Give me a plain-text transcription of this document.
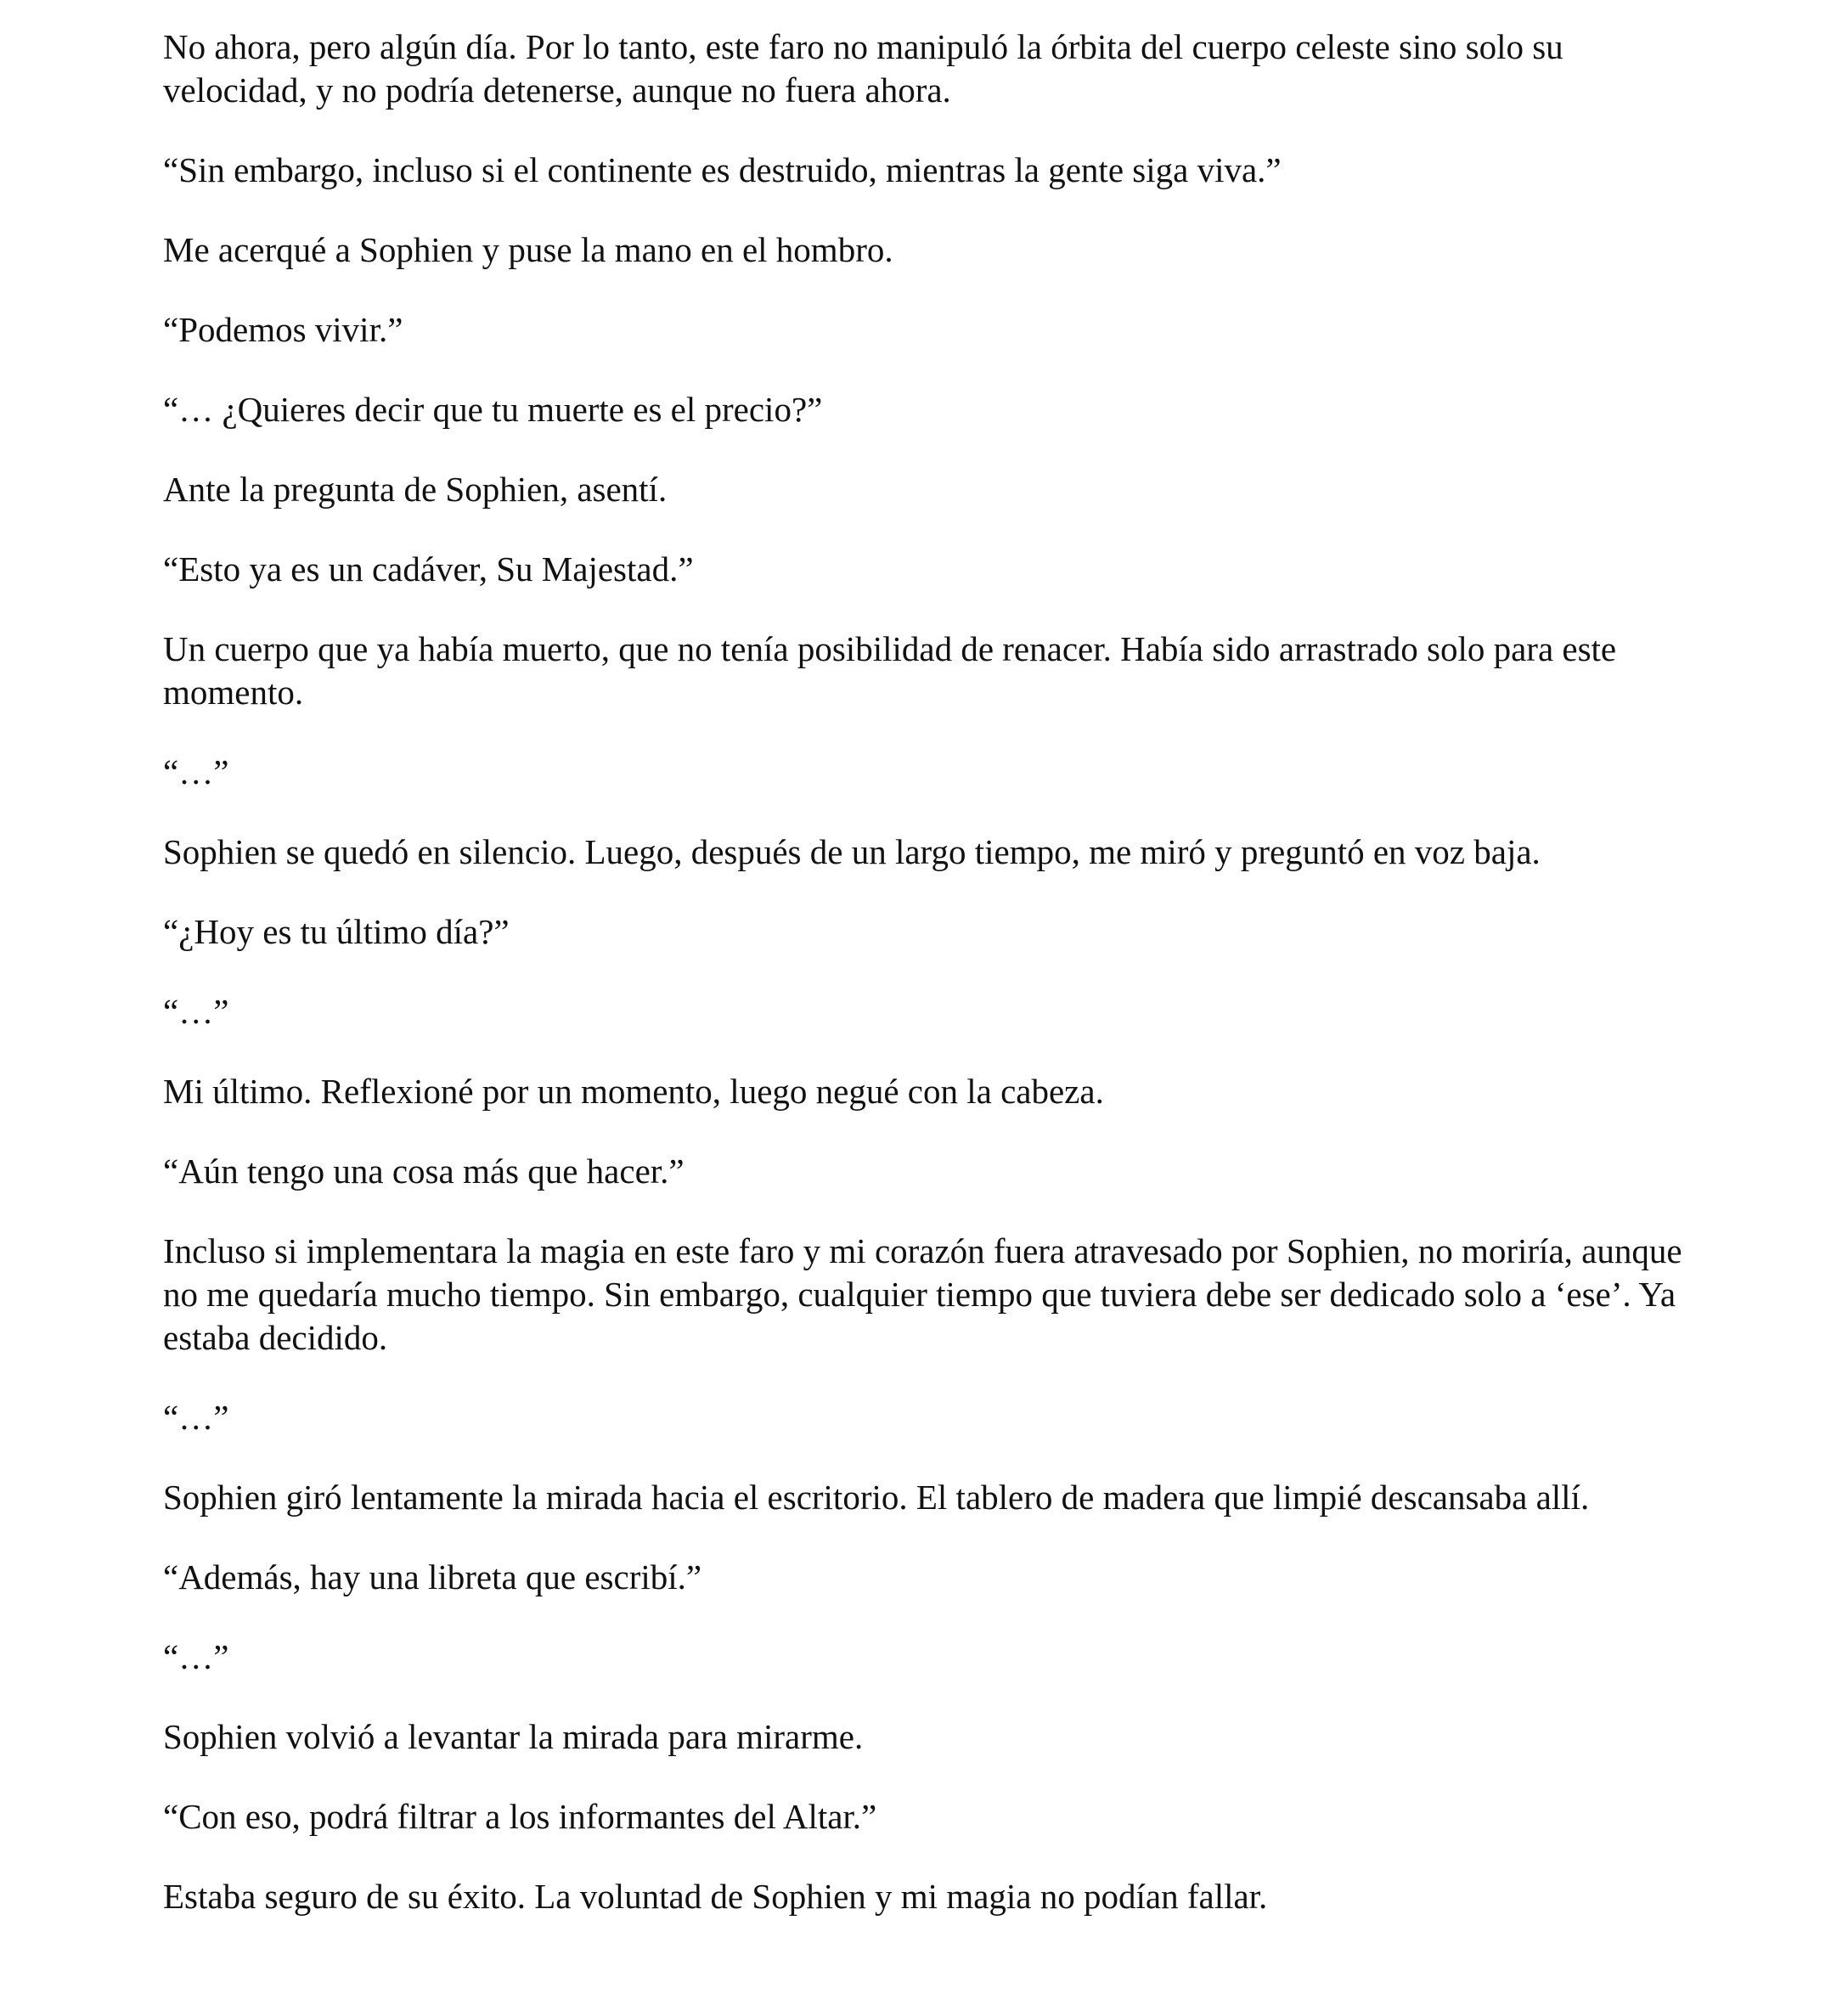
No ahora, pero algún día. Por lo tanto, este faro no manipuló la órbita del cuerpo celeste sino solo su velocidad, y no podría detenerse, aunque no fuera ahora.

“Sin embargo, incluso si el continente es destruido, mientras la gente siga viva.”

Me acerqué a Sophien y puse la mano en el hombro.

“Podemos vivir.”

“… ¿Quieres decir que tu muerte es el precio?”

Ante la pregunta de Sophien, asentí.

“Esto ya es un cadáver, Su Majestad.”

Un cuerpo que ya había muerto, que no tenía posibilidad de renacer. Había sido arrastrado solo para este momento.

“…”

Sophien se quedó en silencio. Luego, después de un largo tiempo, me miró y preguntó en voz baja.

“¿Hoy es tu último día?”

“…”

Mi último. Reflexioné por un momento, luego negué con la cabeza.

“Aún tengo una cosa más que hacer.”

Incluso si implementara la magia en este faro y mi corazón fuera atravesado por Sophien, no moriría, aunque no me quedaría mucho tiempo. Sin embargo, cualquier tiempo que tuviera debe ser dedicado solo a ‘ese’. Ya estaba decidido.

“…”

Sophien giró lentamente la mirada hacia el escritorio. El tablero de madera que limpié descansaba allí.

“Además, hay una libreta que escribí.”

“…”

Sophien volvió a levantar la mirada para mirarme.

“Con eso, podrá filtrar a los informantes del Altar.”

Estaba seguro de su éxito. La voluntad de Sophien y mi magia no podían fallar.
